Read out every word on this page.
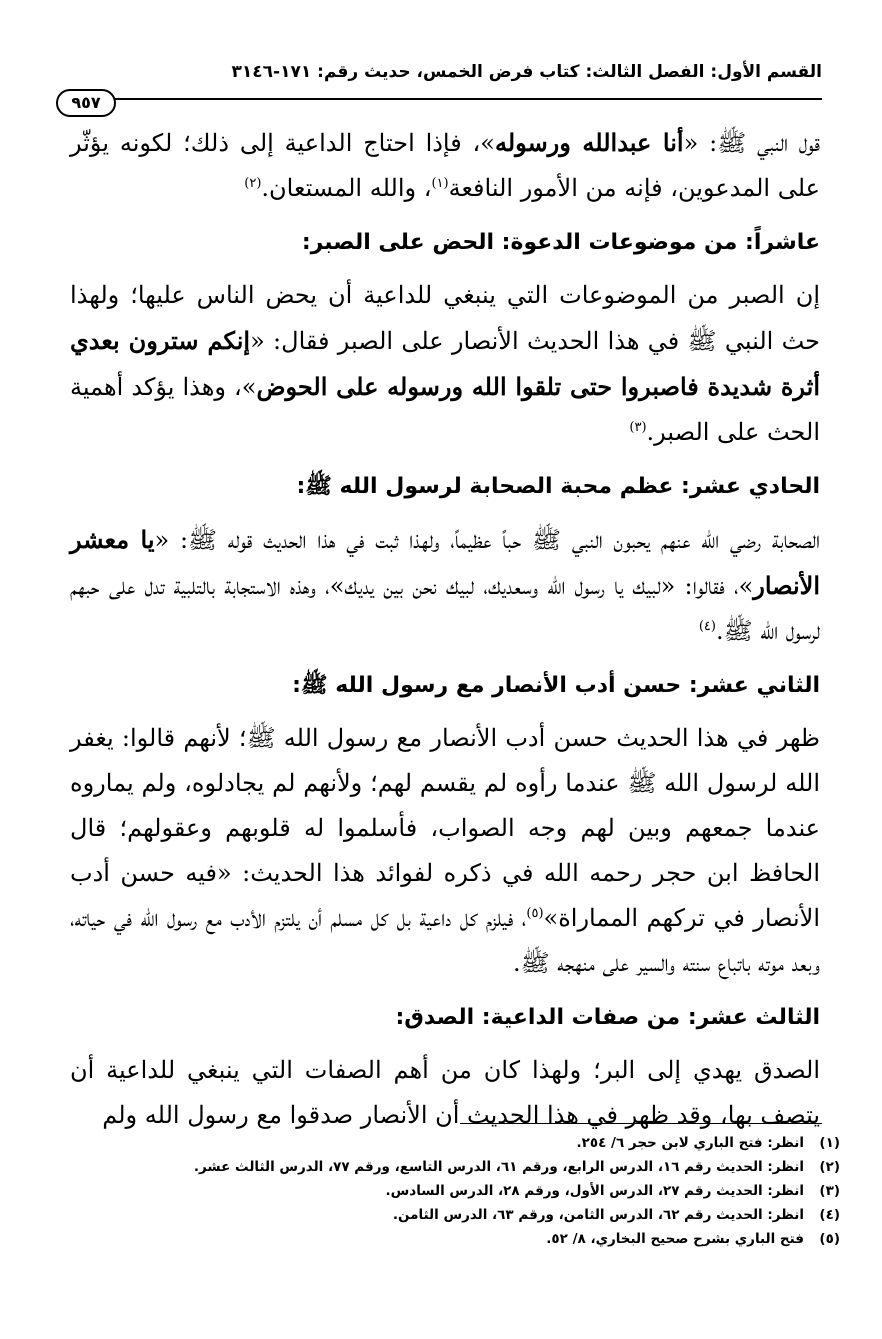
القسم الأول: الفصل الثالث: كتاب فرض الخمس، حديث رقم: ١٧١-٣١٤٦
٩٥٧

قول النبي ﷺ: «أنا عبدالله ورسوله»، فإذا احتاج الداعية إلى ذلك؛ لكونه يؤثّر على المدعوين، فإنه من الأمور النافعة$^{(١)}$، والله المستعان.$^{(٢)}$

عاشراً: من موضوعات الدعوة: الحض على الصبر:

إن الصبر من الموضوعات التي ينبغي للداعية أن يحض الناس عليها؛ ولهذا حث النبي ﷺ في هذا الحديث الأنصار على الصبر فقال: «إنكم سترون بعدي أثرة شديدة فاصبروا حتى تلقوا الله ورسوله على الحوض»، وهذا يؤكد أهمية الحث على الصبر.$^{(٣)}$

الحادي عشر: عظم محبة الصحابة لرسول الله ﷺ:

الصحابة رضي الله عنهم يحبون النبي ﷺ حباً عظيماً، ولهذا ثبت في هذا الحديث قوله ﷺ: «يا معشر الأنصار»، فقالوا: «لبيك يا رسول الله وسعديك، لبيك نحن بين يديك»، وهذه الاستجابة بالتلبية تدل على حبهم لرسول الله ﷺ.$^{(٤)}$

الثاني عشر: حسن أدب الأنصار مع رسول الله ﷺ:

ظهر في هذا الحديث حسن أدب الأنصار مع رسول الله ﷺ؛ لأنهم قالوا: يغفر الله لرسول الله ﷺ عندما رأوه لم يقسم لهم؛ ولأنهم لم يجادلوه، ولم يماروه عندما جمعهم وبين لهم وجه الصواب، فأسلموا له قلوبهم وعقولهم؛ قال الحافظ ابن حجر رحمه الله في ذكره لفوائد هذا الحديث: «فيه حسن أدب الأنصار في تركهم المماراة»$^{(٥)}$، فيلزم كل داعية بل كل مسلم أن يلتزم الأدب مع رسول الله في حياته، وبعد موته باتباع سنته والسير على منهجه ﷺ.

الثالث عشر: من صفات الداعية: الصدق:

الصدق يهدي إلى البر؛ ولهذا كان من أهم الصفات التي ينبغي للداعية أن يتصف بها، وقد ظهر في هذا الحديث أن الأنصار صدقوا مع رسول الله ولم

(١)انظر: فتح الباري لابن حجر ٦/ ٢٥٤.
(٢)انظر: الحديث رقم ١٦، الدرس الرابع، ورقم ٦١، الدرس التاسع، ورقم ٧٧، الدرس الثالث عشر.
(٣)انظر: الحديث رقم ٢٧، الدرس الأول، ورقم ٢٨، الدرس السادس.
(٤)انظر: الحديث رقم ٦٢، الدرس الثامن، ورقم ٦٣، الدرس الثامن.
(٥)فتح الباري بشرح صحيح البخاري، ٨/ ٥٢.
